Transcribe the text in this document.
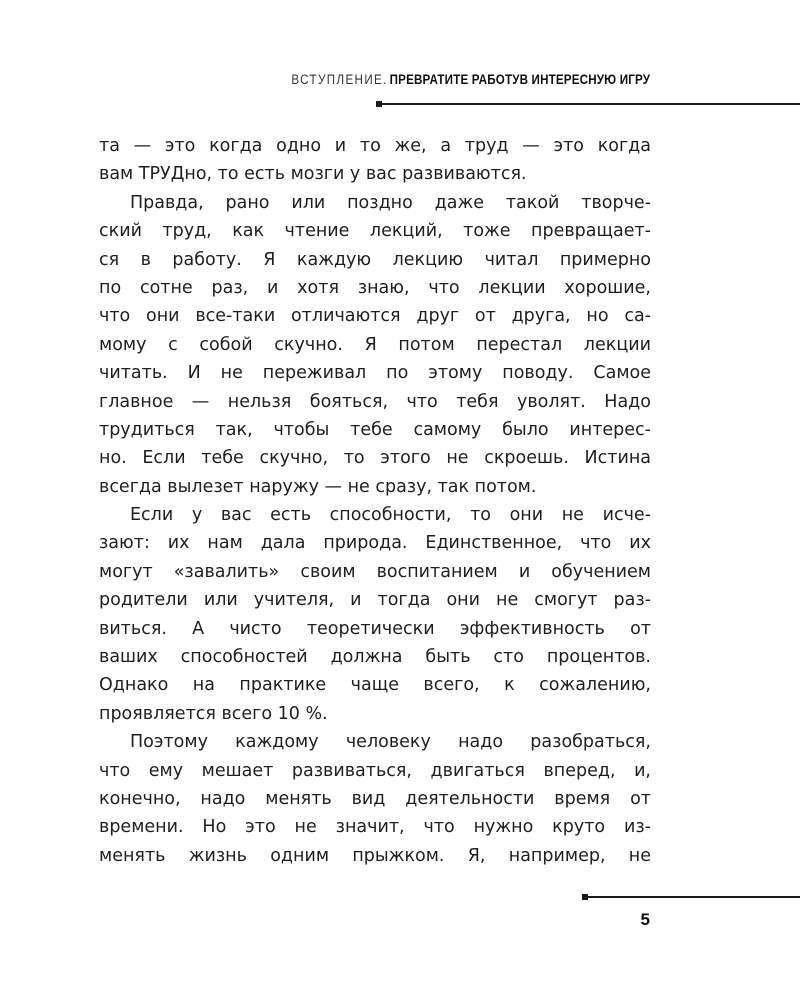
ВСТУПЛЕНИЕ. ПРЕВРАТИТЕ РАБОТУВ ИНТЕРЕСНУЮ ИГРУ
та — это когда одно и то же, а труд — это когда
вам ТРУДно, то есть мозги у вас развиваются.
Правда, рано или поздно даже такой творче-
ский труд, как чтение лекций, тоже превращает-
ся в работу. Я каждую лекцию читал примерно
по сотне раз, и хотя знаю, что лекции хорошие,
что они все-таки отличаются друг от друга, но са-
мому с собой скучно. Я потом перестал лекции
читать. И не переживал по этому поводу. Самое
главное — нельзя бояться, что тебя уволят. Надо
трудиться так, чтобы тебе самому было интерес-
но. Если тебе скучно, то этого не скроешь. Истина
всегда вылезет наружу — не сразу, так потом.
Если у вас есть способности, то они не исче-
зают: их нам дала природа. Единственное, что их
могут «завалить» своим воспитанием и обучением
родители или учителя, и тогда они не смогут раз-
виться. А чисто теоретически эффективность от
ваших способностей должна быть сто процентов.
Однако на практике чаще всего, к сожалению,
проявляется всего 10 %.
Поэтому каждому человеку надо разобраться,
что ему мешает развиваться, двигаться вперед, и,
конечно, надо менять вид деятельности время от
времени. Но это не значит, что нужно круто из-
менять жизнь одним прыжком. Я, например, не
5
